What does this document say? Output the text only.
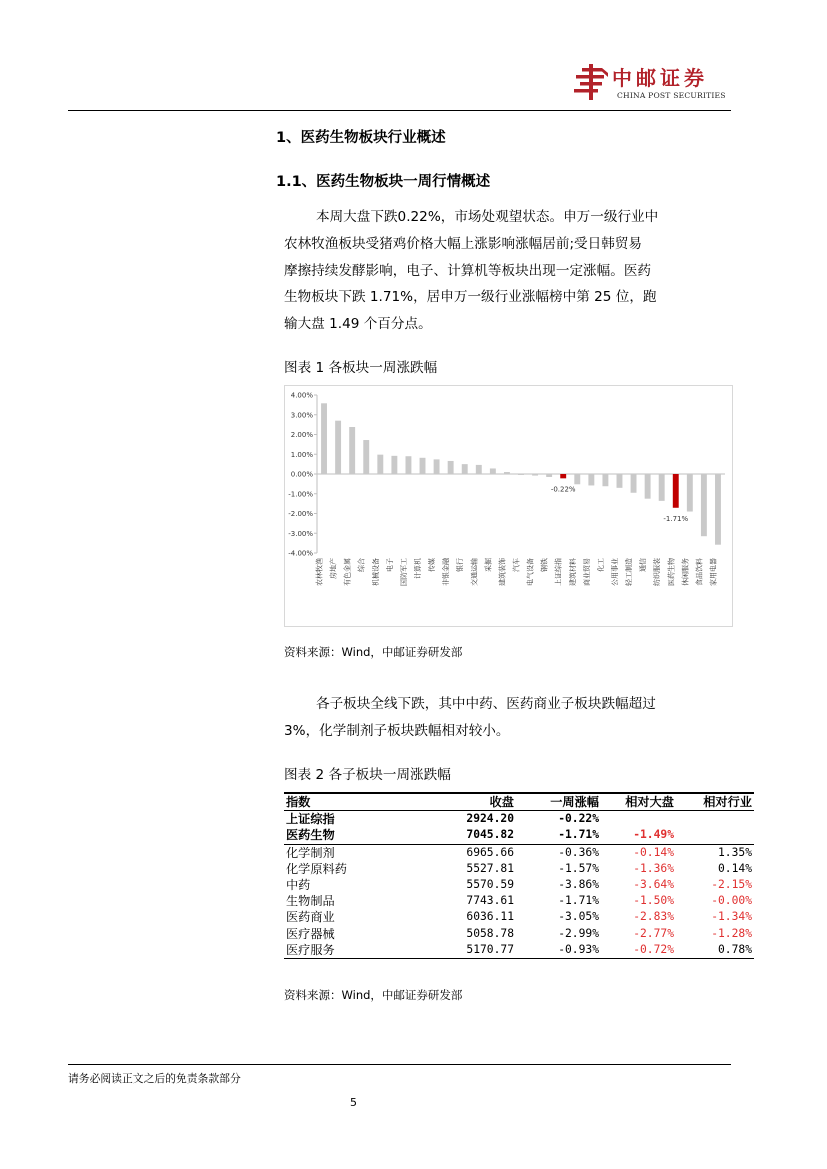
中邮证券
CHINA POST SECURITIES
1、医药生物板块行业概述
1.1、医药生物板块一周行情概述
本周大盘下跌0.22%，市场处观望状态。申万一级行业中
农林牧渔板块受猪鸡价格大幅上涨影响涨幅居前;受日韩贸易
摩擦持续发酵影响，电子、计算机等板块出现一定涨幅。医药
生物板块下跌 1.71%，居申万一级行业涨幅榜中第 25 位，跑
输大盘 1.49 个百分点。
图表 1 各板块一周涨跌幅
4.00%
3.00%
2.00%
1.00%
0.00%
-1.00%
-2.00%
-3.00%
-4.00%
农林牧渔 房地产 有色金属 综合 机械设备 电子 国防军工 计算机 传媒 非银金融 银行 交通运输 采掘 建筑装饰 汽车 电气设备 钢铁 上证综指
-0.22%
建筑材料 商业贸易 化工 公用事业 轻工制造 通信 纺织服装 医药生物
-1.71%
休闲服务 食品饮料 家用电器
资料来源：Wind，中邮证券研发部
各子板块全线下跌，其中中药、医药商业子板块跌幅超过
3%，化学制剂子板块跌幅相对较小。
图表 2 各子板块一周涨跌幅
指数	收盘	一周涨幅	相对大盘	相对行业
上证综指	2924.20	-0.22%		
医药生物	7045.82	-1.71%	-1.49%	
化学制剂	6965.66	-0.36%	-0.14%	1.35%
化学原料药	5527.81	-1.57%	-1.36%	0.14%
中药	5570.59	-3.86%	-3.64%	-2.15%
生物制品	7743.61	-1.71%	-1.50%	-0.00%
医药商业	6036.11	-3.05%	-2.83%	-1.34%
医疗器械	5058.78	-2.99%	-2.77%	-1.28%
医疗服务	5170.77	-0.93%	-0.72%	0.78%
资料来源：Wind，中邮证券研发部
请务必阅读正文之后的免责条款部分
5
